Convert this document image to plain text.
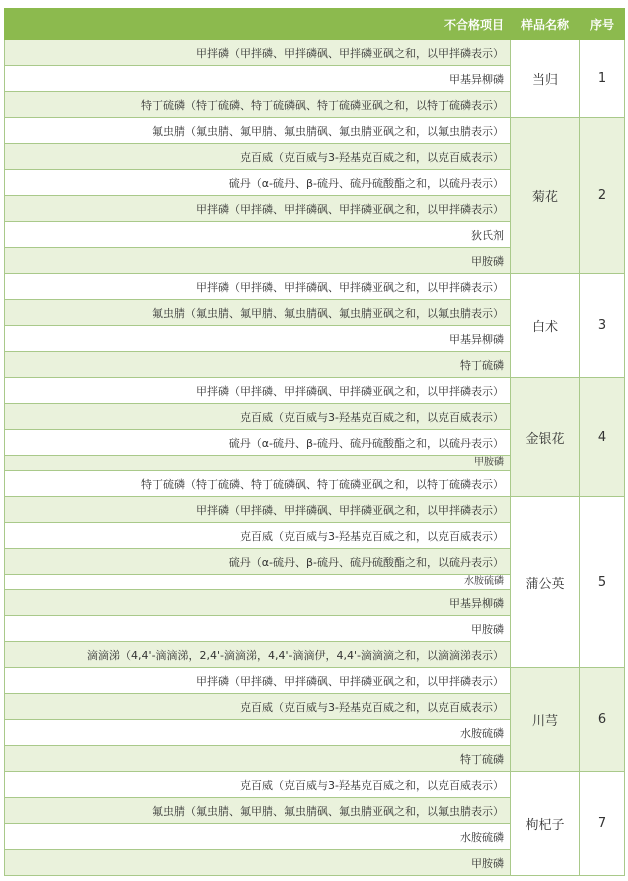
不合格项目	样品名称	序号
甲拌磷（甲拌磷、甲拌磷砜、甲拌磷亚砜之和，以甲拌磷表示）	当归	1
甲基异柳磷		
特丁硫磷（特丁硫磷、特丁硫磷砜、特丁硫磷亚砜之和，以特丁硫磷表示）		
氟虫腈（氟虫腈、氟甲腈、氟虫腈砜、氟虫腈亚砜之和，以氟虫腈表示）	菊花	2
克百威（克百威与3-羟基克百威之和，以克百威表示）		
硫丹（α-硫丹、β-硫丹、硫丹硫酸酯之和，以硫丹表示）		
甲拌磷（甲拌磷、甲拌磷砜、甲拌磷亚砜之和，以甲拌磷表示）		
狄氏剂		
甲胺磷		
甲拌磷（甲拌磷、甲拌磷砜、甲拌磷亚砜之和，以甲拌磷表示）	白术	3
氟虫腈（氟虫腈、氟甲腈、氟虫腈砜、氟虫腈亚砜之和，以氟虫腈表示）		
甲基异柳磷		
特丁硫磷		
甲拌磷（甲拌磷、甲拌磷砜、甲拌磷亚砜之和，以甲拌磷表示）	金银花	4
克百威（克百威与3-羟基克百威之和，以克百威表示）		
硫丹（α-硫丹、β-硫丹、硫丹硫酸酯之和，以硫丹表示）		
甲胺磷		
特丁硫磷（特丁硫磷、特丁硫磷砜、特丁硫磷亚砜之和，以特丁硫磷表示）		
甲拌磷（甲拌磷、甲拌磷砜、甲拌磷亚砜之和，以甲拌磷表示）	蒲公英	5
克百威（克百威与3-羟基克百威之和，以克百威表示）		
硫丹（α-硫丹、β-硫丹、硫丹硫酸酯之和，以硫丹表示）		
水胺硫磷		
甲基异柳磷		
甲胺磷		
滴滴涕（4,4'-滴滴涕，2,4'-滴滴涕，4,4'-滴滴伊，4,4'-滴滴滴之和，以滴滴涕表示）		
甲拌磷（甲拌磷、甲拌磷砜、甲拌磷亚砜之和，以甲拌磷表示）	川芎	6
克百威（克百威与3-羟基克百威之和，以克百威表示）		
水胺硫磷		
特丁硫磷		
克百威（克百威与3-羟基克百威之和，以克百威表示）	枸杞子	7
氟虫腈（氟虫腈、氟甲腈、氟虫腈砜、氟虫腈亚砜之和，以氟虫腈表示）		
水胺硫磷		
甲胺磷		
